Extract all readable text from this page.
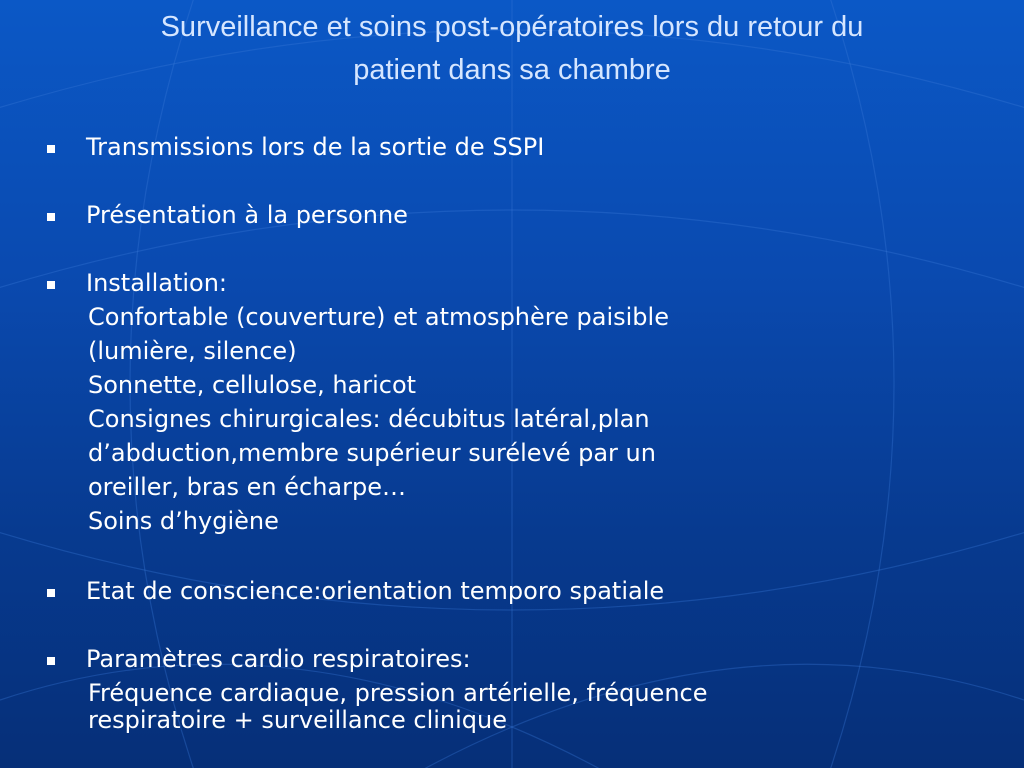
Surveillance et soins post-opératoires lors du retour du
patient dans sa chambre
Transmissions lors de la sortie de SSPI
Présentation à la personne
Installation:
Confortable (couverture) et atmosphère paisible
(lumière, silence)
Sonnette, cellulose, haricot
Consignes chirurgicales: décubitus latéral,plan
d’abduction,membre supérieur surélevé par un
oreiller, bras en écharpe…
Soins d’hygiène
Etat de conscience:orientation temporo spatiale
Paramètres cardio respiratoires:
Fréquence cardiaque, pression artérielle, fréquence
respiratoire + surveillance clinique
